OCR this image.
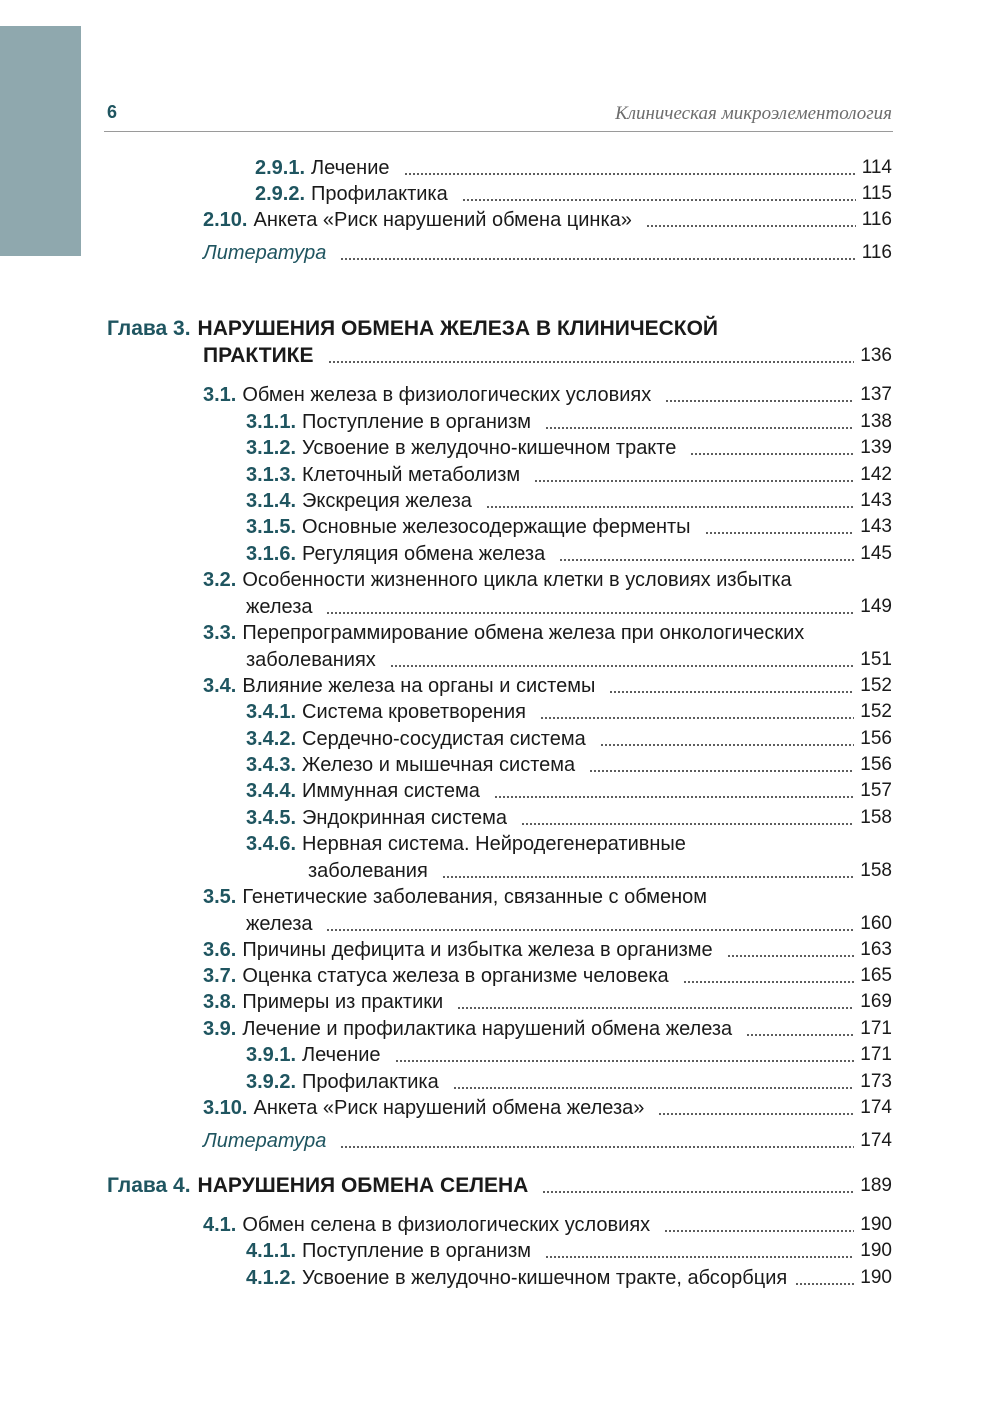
6	Клиническая микроэлементология
2.9.1. Лечение	114
2.9.2. Профилактика	115
2.10. Анкета «Риск нарушений обмена цинка»	116
Литература	116
Глава 3. НАРУШЕНИЯ ОБМЕНА ЖЕЛЕЗА В КЛИНИЧЕСКОЙ
ПРАКТИКЕ	136
3.1. Обмен железа в физиологических условиях	137
3.1.1. Поступление в организм	138
3.1.2. Усвоение в желудочно-кишечном тракте	139
3.1.3. Клеточный метаболизм	142
3.1.4. Экскреция железа	143
3.1.5. Основные железосодержащие ферменты	143
3.1.6. Регуляция обмена железа	145
3.2. Особенности жизненного цикла клетки в условиях избытка
железа	149
3.3. Перепрограммирование обмена железа при онкологических
заболеваниях	151
3.4. Влияние железа на органы и системы	152
3.4.1. Система кроветворения	152
3.4.2. Сердечно-сосудистая система	156
3.4.3. Железо и мышечная система	156
3.4.4. Иммунная система	157
3.4.5. Эндокринная система	158
3.4.6. Нервная система. Нейродегенеративные
заболевания	158
3.5. Генетические заболевания, связанные с обменом
железа	160
3.6. Причины дефицита и избытка железа в организме	163
3.7. Оценка статуса железа в организме человека	165
3.8. Примеры из практики	169
3.9. Лечение и профилактика нарушений обмена железа	171
3.9.1. Лечение	171
3.9.2. Профилактика	173
3.10. Анкета «Риск нарушений обмена железа»	174
Литература	174
Глава 4. НАРУШЕНИЯ ОБМЕНА СЕЛЕНА	189
4.1. Обмен селена в физиологических условиях	190
4.1.1. Поступление в организм	190
4.1.2. Усвоение в желудочно-кишечном тракте, абсорбция	190
